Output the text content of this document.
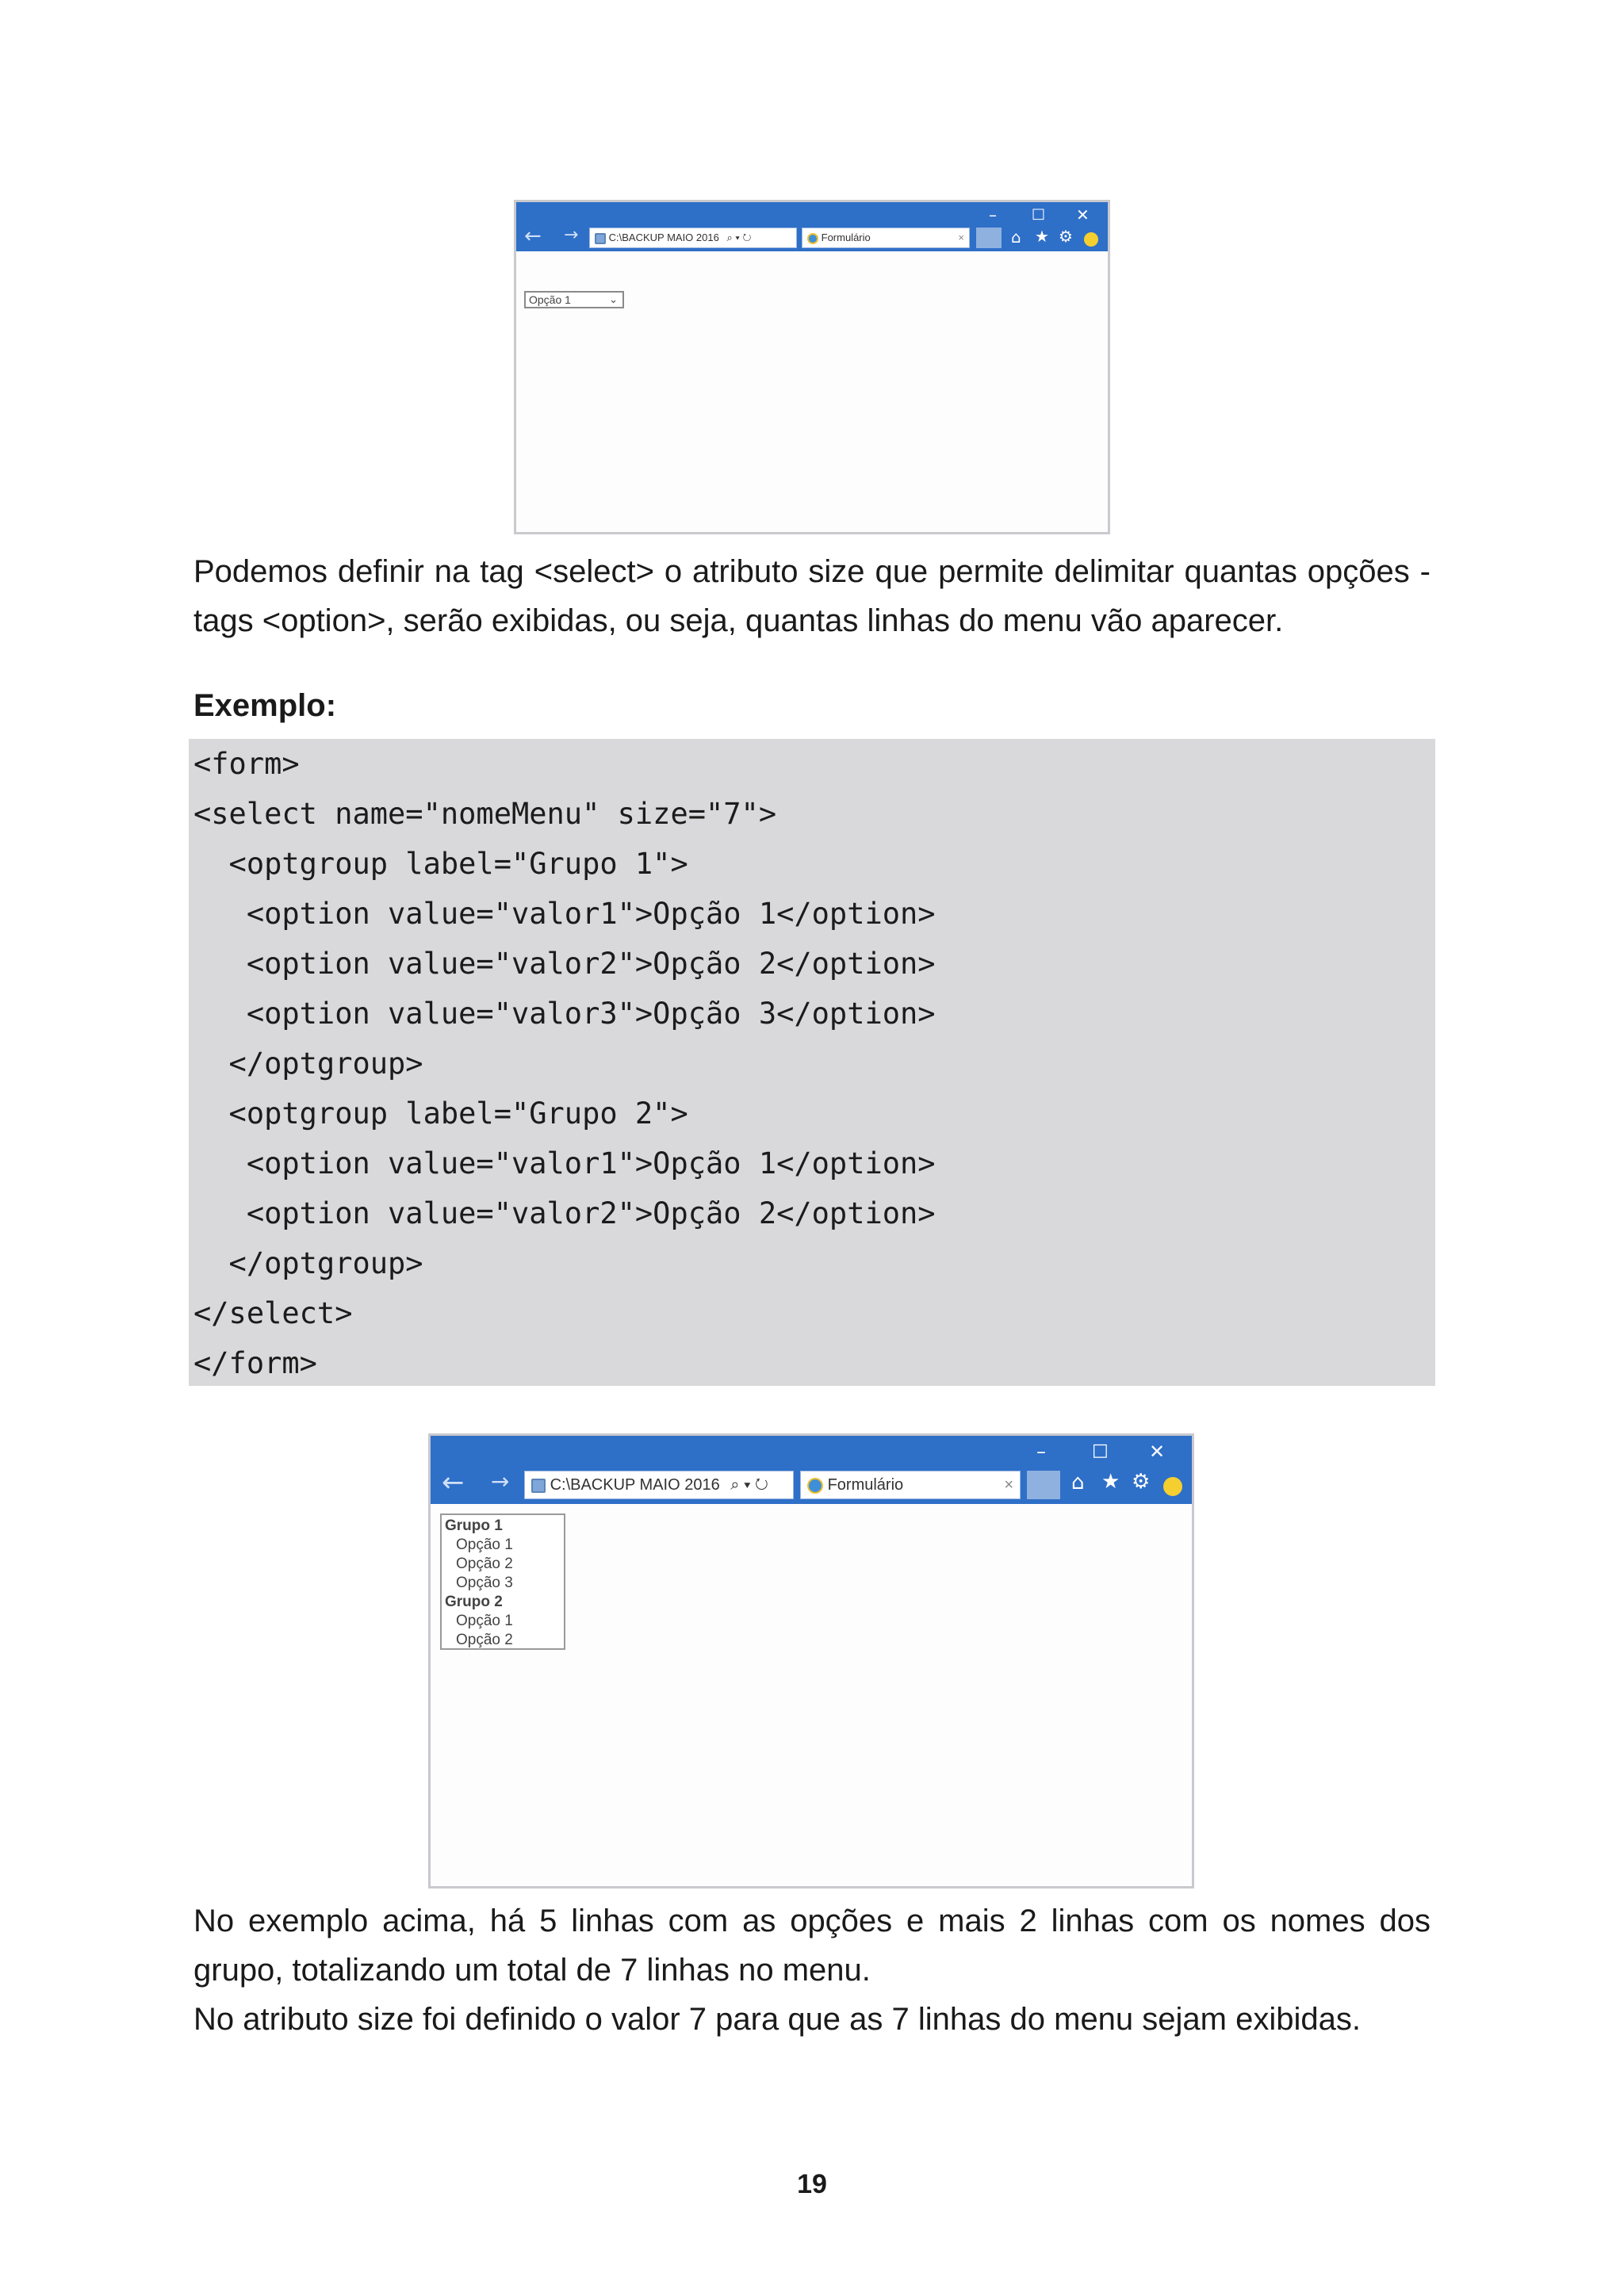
– □ ✕
← →	C:\BACKUP MAIO 2016 ⌕ ▾ ↻	Formulário	×	⌂ ★ ⚙
Opção 1	⌄

Podemos definir na tag <select> o atributo size que permite delimitar quantas opções - tags <option>, serão exibidas, ou seja, quantas linhas do menu vão aparecer.

Exemplo:

<form>
<select name="nomeMenu" size="7">
<optgroup label="Grupo 1">
<option value="valor1">Opção 1</option>
<option value="valor2">Opção 2</option>
<option value="valor3">Opção 3</option>
</optgroup>
<optgroup label="Grupo 2">
<option value="valor1">Opção 1</option>
<option value="valor2">Opção 2</option>
</optgroup>
</select>
</form>
–	□ ✕
← →	C:\BACKUP MAIO 2016 ⌕ ▾ ↻	Formulário	×	⌂ ★ ⚙
Grupo 1
Opção 1
Opção 2
Opção 3
Grupo 2
Opção 1
Opção 2

No exemplo acima, há 5 linhas com as opções e mais 2 linhas com os nomes dos grupo, totalizando um total de 7 linhas no menu.

No atributo size foi definido o valor 7 para que as 7 linhas do menu sejam exibidas.

19
